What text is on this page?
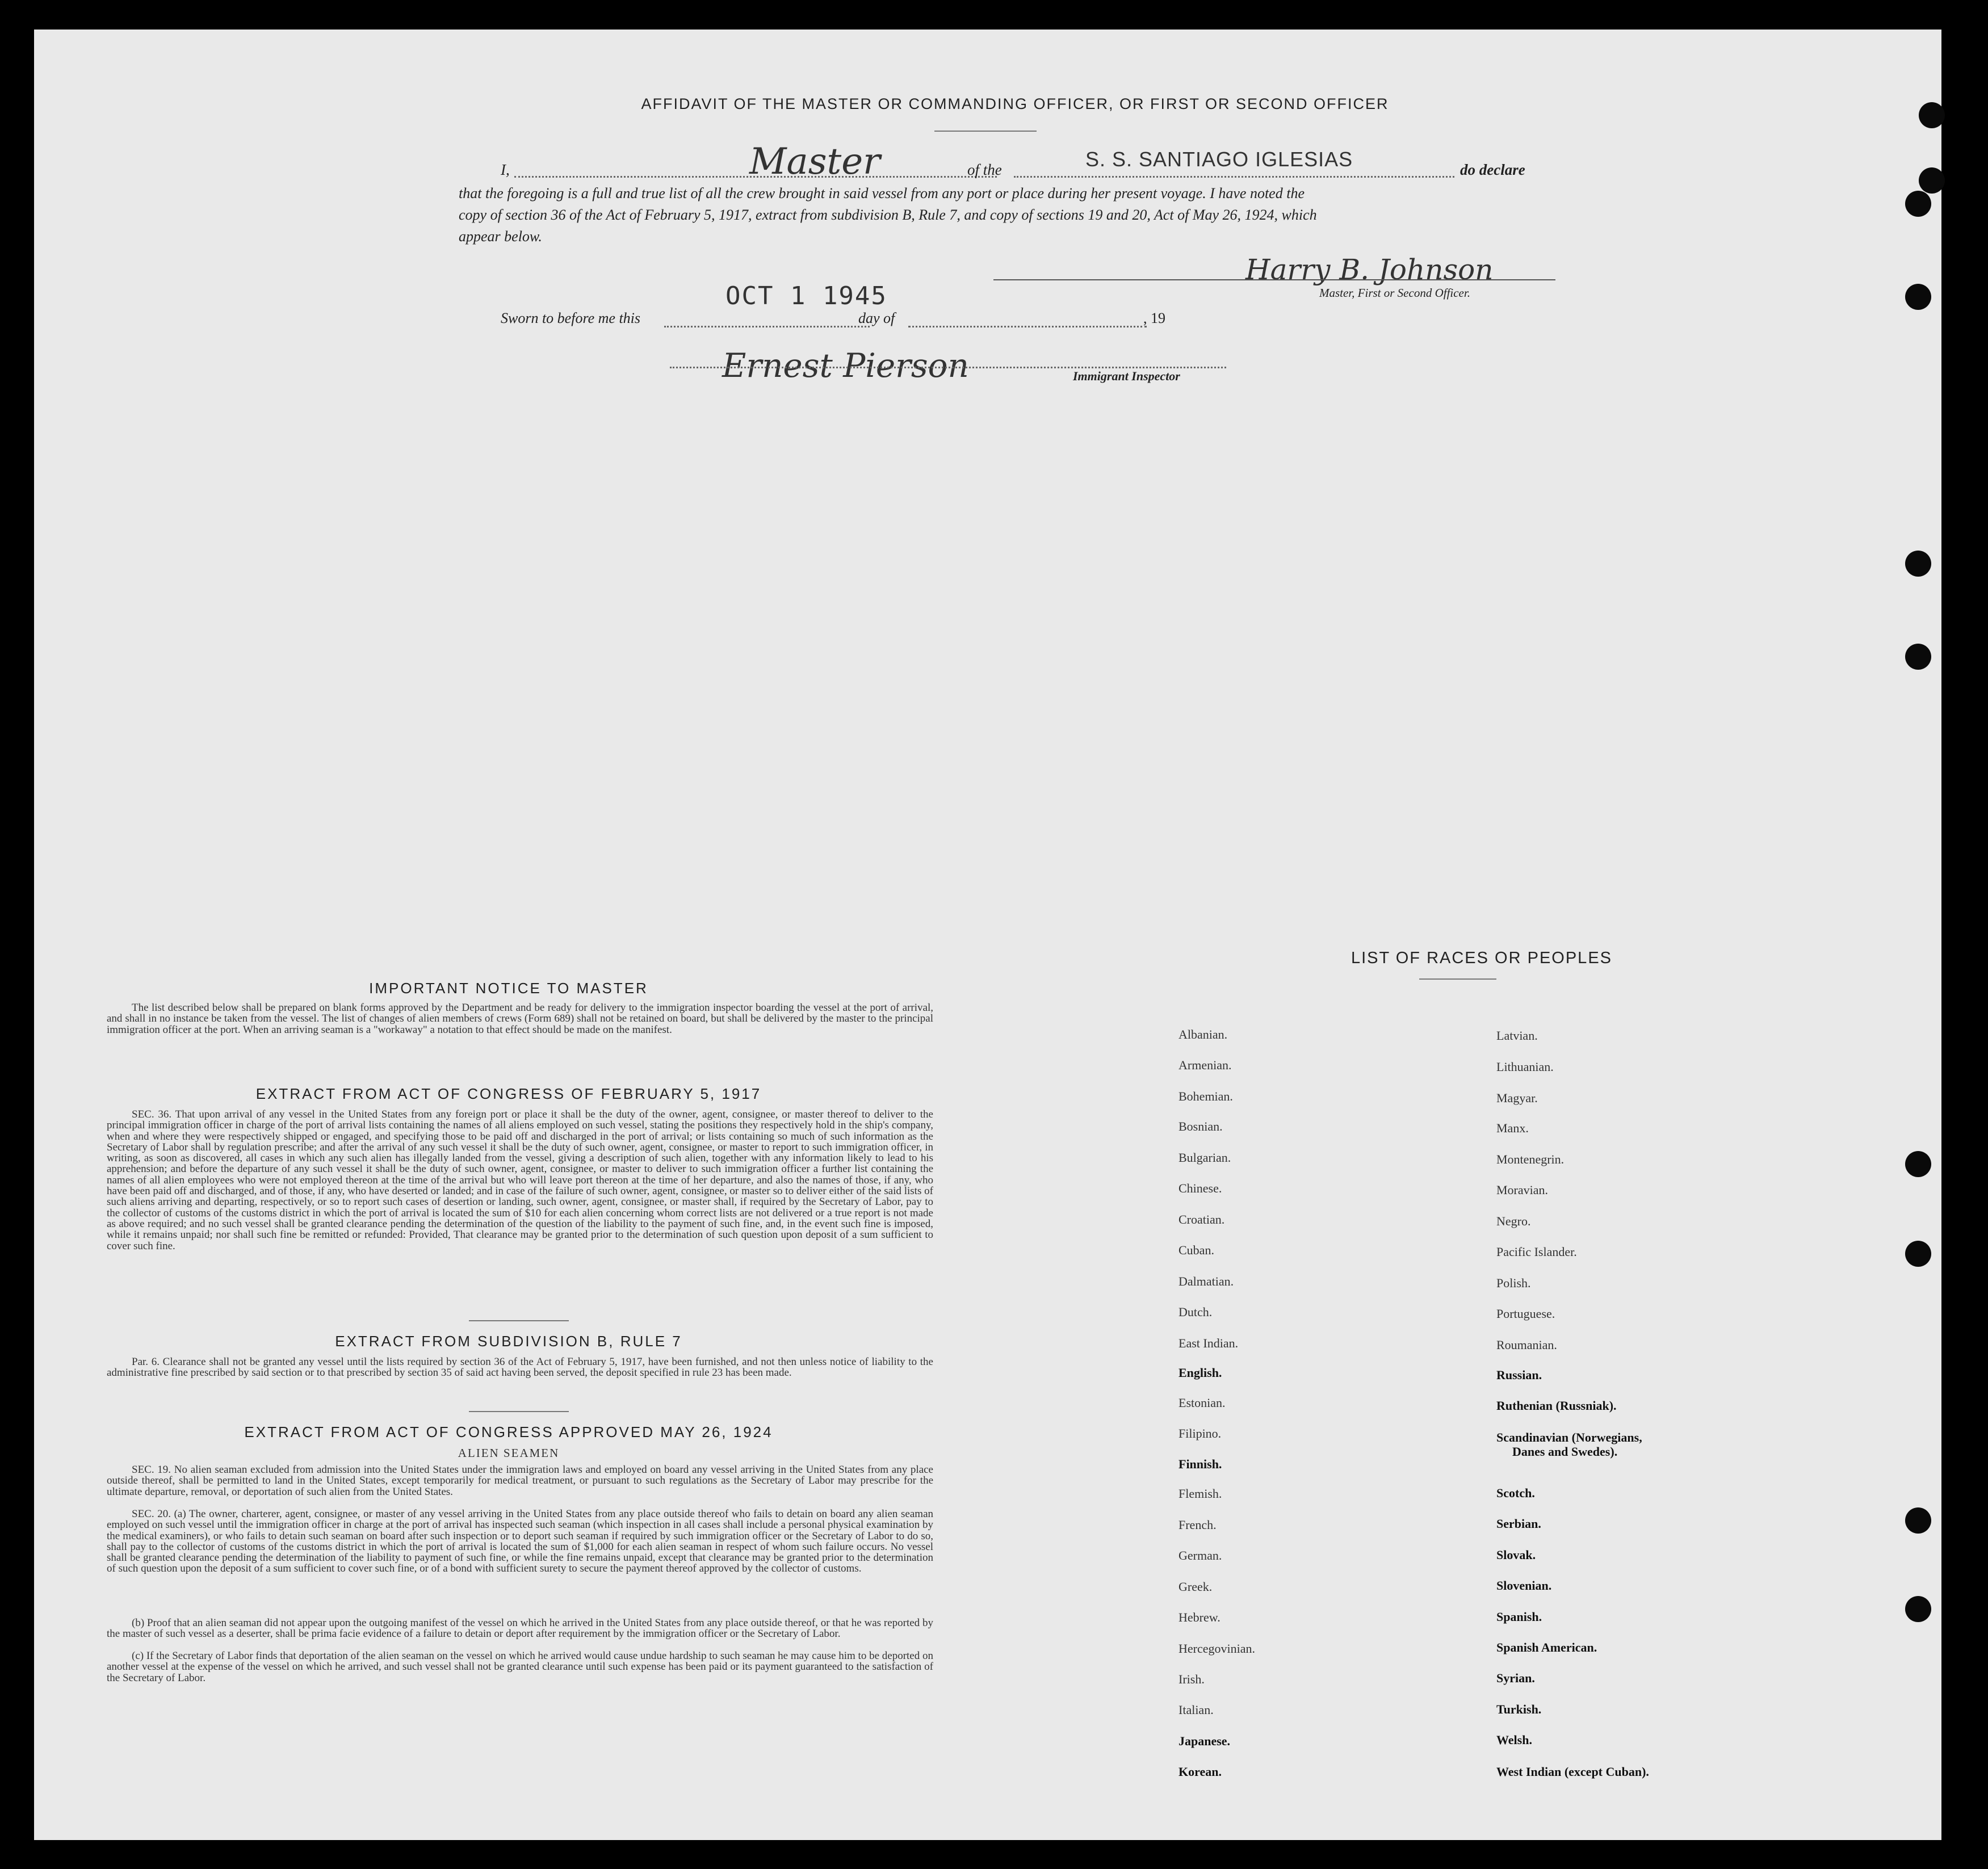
AFFIDAVIT OF THE MASTER OR COMMANDING OFFICER, OR FIRST OR SECOND OFFICER
I,	Master	of the	S. S. SANTIAGO IGLESIAS	do declare
that the foregoing is a full and true list of all the crew brought in said vessel from any port or place during her present voyage. I have noted the
copy of section 36 of the Act of February 5, 1917, extract from subdivision B, Rule 7, and copy of sections 19 and 20, Act of May 26, 1924, which
appear below.
Harry B. Johnson
Master, First or Second Officer.
OCT 1 1945
Sworn to before me this	day of	, 19
Ernest Pierson	Immigrant Inspector
IMPORTANT NOTICE TO MASTER
The list described below shall be prepared on blank forms approved by the Department and be ready for delivery to the immigration inspector boarding the vessel at the port of arrival, and shall in no instance be taken from the vessel. The list of changes of alien members of crews (Form 689) shall not be retained on board, but shall be delivered by the master to the principal immigration officer at the port. When an arriving seaman is a "workaway" a notation to that effect should be made on the manifest.
EXTRACT FROM ACT OF CONGRESS OF FEBRUARY 5, 1917
SEC. 36. That upon arrival of any vessel in the United States from any foreign port or place it shall be the duty of the owner, agent, consignee, or master thereof to deliver to the principal immigration officer in charge of the port of arrival lists containing the names of all aliens employed on such vessel, stating the positions they respectively hold in the ship's company, when and where they were respectively shipped or engaged, and specifying those to be paid off and discharged in the port of arrival; or lists containing so much of such information as the Secretary of Labor shall by regulation prescribe; and after the arrival of any such vessel it shall be the duty of such owner, agent, consignee, or master to report to such immigration officer, in writing, as soon as discovered, all cases in which any such alien has illegally landed from the vessel, giving a description of such alien, together with any information likely to lead to his apprehension; and before the departure of any such vessel it shall be the duty of such owner, agent, consignee, or master to deliver to such immigration officer a further list containing the names of all alien employees who were not employed thereon at the time of the arrival but who will leave port thereon at the time of her departure, and also the names of those, if any, who have been paid off and discharged, and of those, if any, who have deserted or landed; and in case of the failure of such owner, agent, consignee, or master so to deliver either of the said lists of such aliens arriving and departing, respectively, or so to report such cases of desertion or landing, such owner, agent, consignee, or master shall, if required by the Secretary of Labor, pay to the collector of customs of the customs district in which the port of arrival is located the sum of $10 for each alien concerning whom correct lists are not delivered or a true report is not made as above required; and no such vessel shall be granted clearance pending the determination of the question of the liability to the payment of such fine, and, in the event such fine is imposed, while it remains unpaid; nor shall such fine be remitted or refunded: Provided, That clearance may be granted prior to the determination of such question upon deposit of a sum sufficient to cover such fine.
EXTRACT FROM SUBDIVISION B, RULE 7
Par. 6. Clearance shall not be granted any vessel until the lists required by section 36 of the Act of February 5, 1917, have been furnished, and not then unless notice of liability to the administrative fine prescribed by said section or to that prescribed by section 35 of said act having been served, the deposit specified in rule 23 has been made.
EXTRACT FROM ACT OF CONGRESS APPROVED MAY 26, 1924
ALIEN SEAMEN
SEC. 19. No alien seaman excluded from admission into the United States under the immigration laws and employed on board any vessel arriving in the United States from any place outside thereof, shall be permitted to land in the United States, except temporarily for medical treatment, or pursuant to such regulations as the Secretary of Labor may prescribe for the ultimate departure, removal, or deportation of such alien from the United States.
SEC. 20. (a) The owner, charterer, agent, consignee, or master of any vessel arriving in the United States from any place outside thereof who fails to detain on board any alien seaman employed on such vessel until the immigration officer in charge at the port of arrival has inspected such seaman (which inspection in all cases shall include a personal physical examination by the medical examiners), or who fails to detain such seaman on board after such inspection or to deport such seaman if required by such immigration officer or the Secretary of Labor to do so, shall pay to the collector of customs of the customs district in which the port of arrival is located the sum of $1,000 for each alien seaman in respect of whom such failure occurs. No vessel shall be granted clearance pending the determination of the liability to payment of such fine, or while the fine remains unpaid, except that clearance may be granted prior to the determination of such question upon the deposit of a sum sufficient to cover such fine, or of a bond with sufficient surety to secure the payment thereof approved by the collector of customs.
(b) Proof that an alien seaman did not appear upon the outgoing manifest of the vessel on which he arrived in the United States from any place outside thereof, or that he was reported by the master of such vessel as a deserter, shall be prima facie evidence of a failure to detain or deport after requirement by the immigration officer or the Secretary of Labor.
(c) If the Secretary of Labor finds that deportation of the alien seaman on the vessel on which he arrived would cause undue hardship to such seaman he may cause him to be deported on another vessel at the expense of the vessel on which he arrived, and such vessel shall not be granted clearance until such expense has been paid or its payment guaranteed to the satisfaction of the Secretary of Labor.
LIST OF RACES OR PEOPLES
Albanian.
Armenian.
Bohemian.
Bosnian.
Bulgarian.
Chinese.
Croatian.
Cuban.
Dalmatian.
Dutch.
East Indian.
English.
Estonian.
Filipino.
Finnish.
Flemish.
French.
German.
Greek.
Hebrew.
Hercegovinian.
Irish.
Italian.
Japanese.
Korean.
Latvian.
Lithuanian.
Magyar.
Manx.
Montenegrin.
Moravian.
Negro.
Pacific Islander.
Polish.
Portuguese.
Roumanian.
Russian.
Ruthenian (Russniak).
Scandinavian (Norwegians,
Danes and Swedes).
Scotch.
Serbian.
Slovak.
Slovenian.
Spanish.
Spanish American.
Syrian.
Turkish.
Welsh.
West Indian (except Cuban).
